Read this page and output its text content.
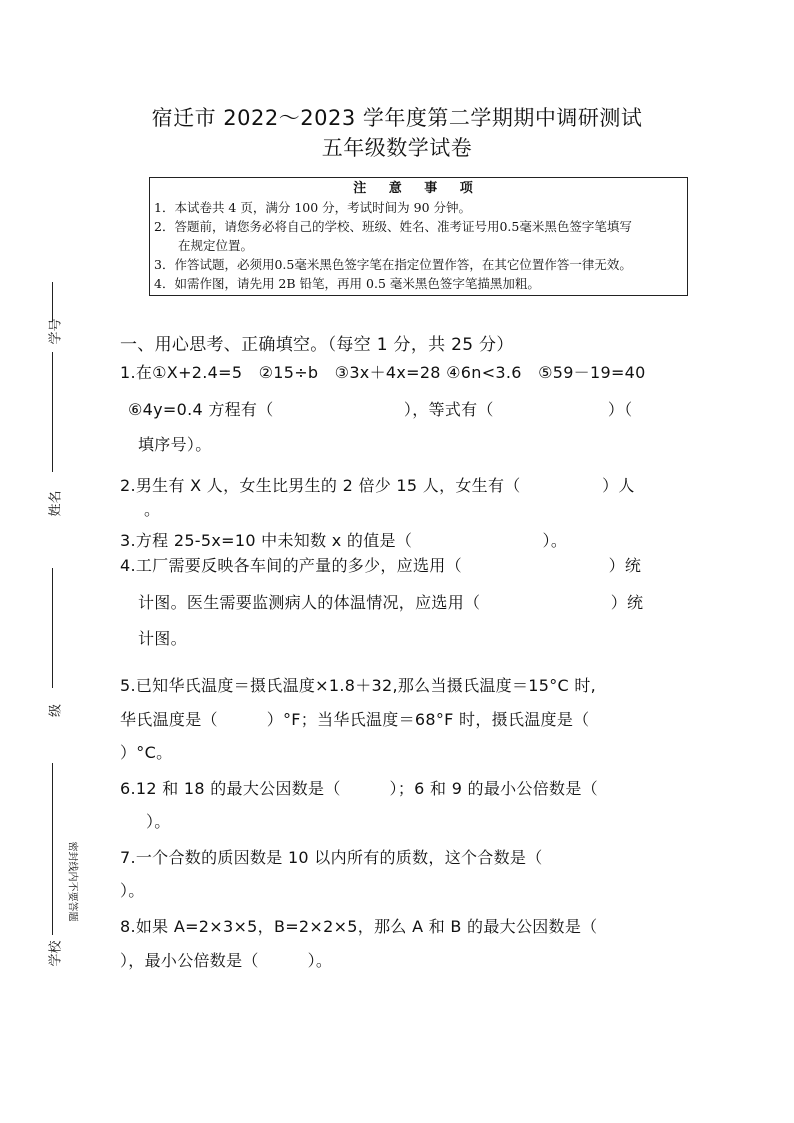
宿迁市 2022～2023 学年度第二学期期中调研测试
五年级数学试卷
注 意 事 项
1．本试卷共 4 页，满分 100 分，考试时间为 90 分钟。
2．答题前，请您务必将自己的学校、班级、姓名、准考证号用0.5毫米黑色签字笔填写
在规定位置。
3．作答试题，必须用0.5毫米黑色签字笔在指定位置作答，在其它位置作答一律无效。
4．如需作图，请先用 2B 铅笔，再用 0.5 毫米黑色签字笔描黑加粗。
一、用心思考、正确填空。（每空 1 分，共 25 分）
1.在①X+2.4=5　②15÷b　③3x＋4x=28 ④6n<3.6　⑤59－19=40
⑥4y=0.4 方程有（　　　　　　　　），等式有（　　　　　　　）（
填序号）。
2.男生有 X 人，女生比男生的 2 倍少 15 人，女生有（　　　　　）人
。
3.方程 25-5x=10 中未知数 x 的值是（　　　　　　　　）。
4.工厂需要反映各车间的产量的多少，应选用（　　　　　　　　　）统
计图。医生需要监测病人的体温情况，应选用（　　　　　　　　）统
计图。
5.已知华氏温度＝摄氏温度×1.8＋32,那么当摄氏温度＝15°C 时,
华氏温度是（　　　）°F；当华氏温度＝68°F 时，摄氏温度是（
）°C。
6.12 和 18 的最大公因数是（　　　）；6 和 9 的最小公倍数是（
）。
7.一个合数的质因数是 10 以内所有的质数，这个合数是（
）。
8.如果 A=2×3×5，B=2×2×5，那么 A 和 B 的最大公因数是（
），最小公倍数是（　　　）。
学号
姓名
级
学校
密封线内不要答题
